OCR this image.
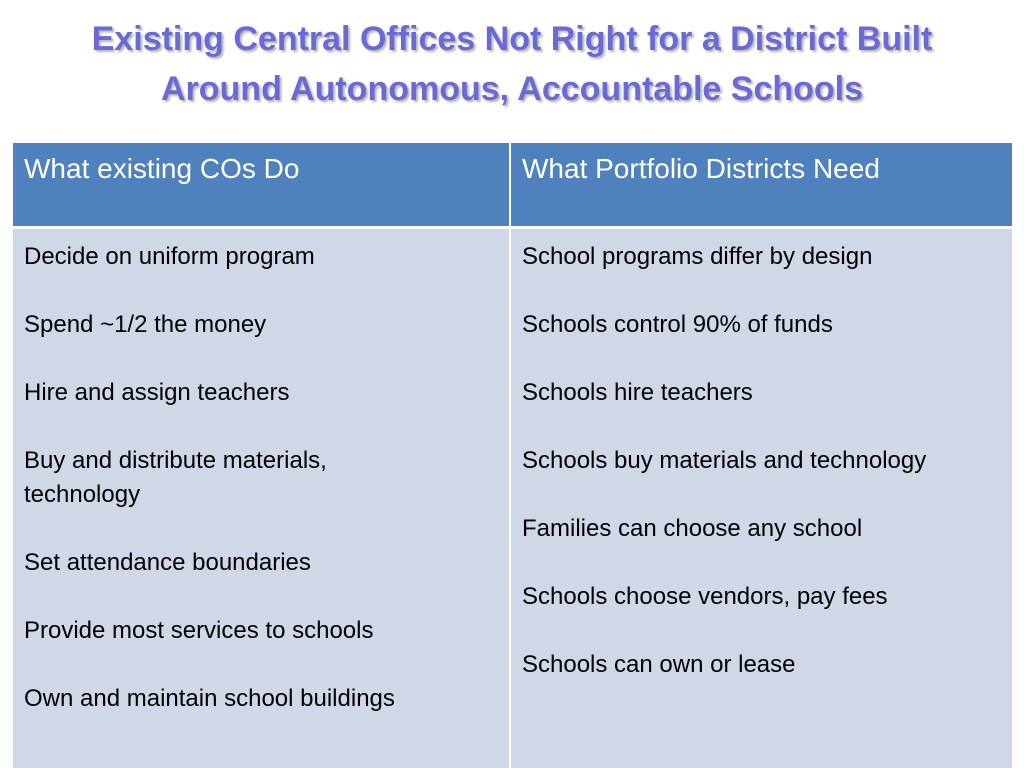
Existing Central Offices Not Right for a District Built
Around Autonomous, Accountable Schools
What existing COs Do	What Portfolio Districts Need
Decide on uniform program
Spend ~1/2 the money
Hire and assign teachers
Buy and distribute materials, technology
Set attendance boundaries
Provide most services to schools
Own and maintain school buildings
School programs differ by design
Schools control 90% of funds
Schools hire teachers
Schools buy materials and technology
Families can choose any school
Schools choose vendors, pay fees
Schools can own or lease
